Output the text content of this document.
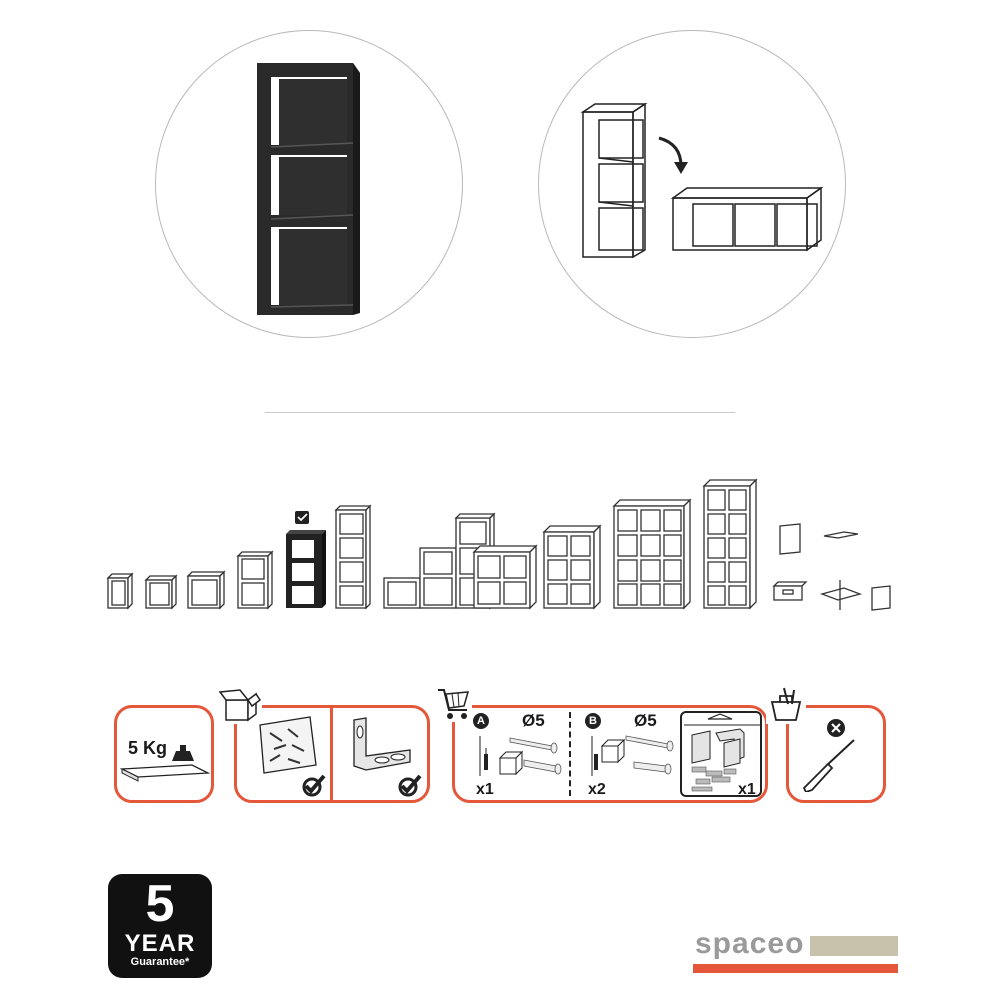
5 Kg
A Ø5
x1
B Ø5
x2	x1
5
YEAR
Guarantee*
spaceo
